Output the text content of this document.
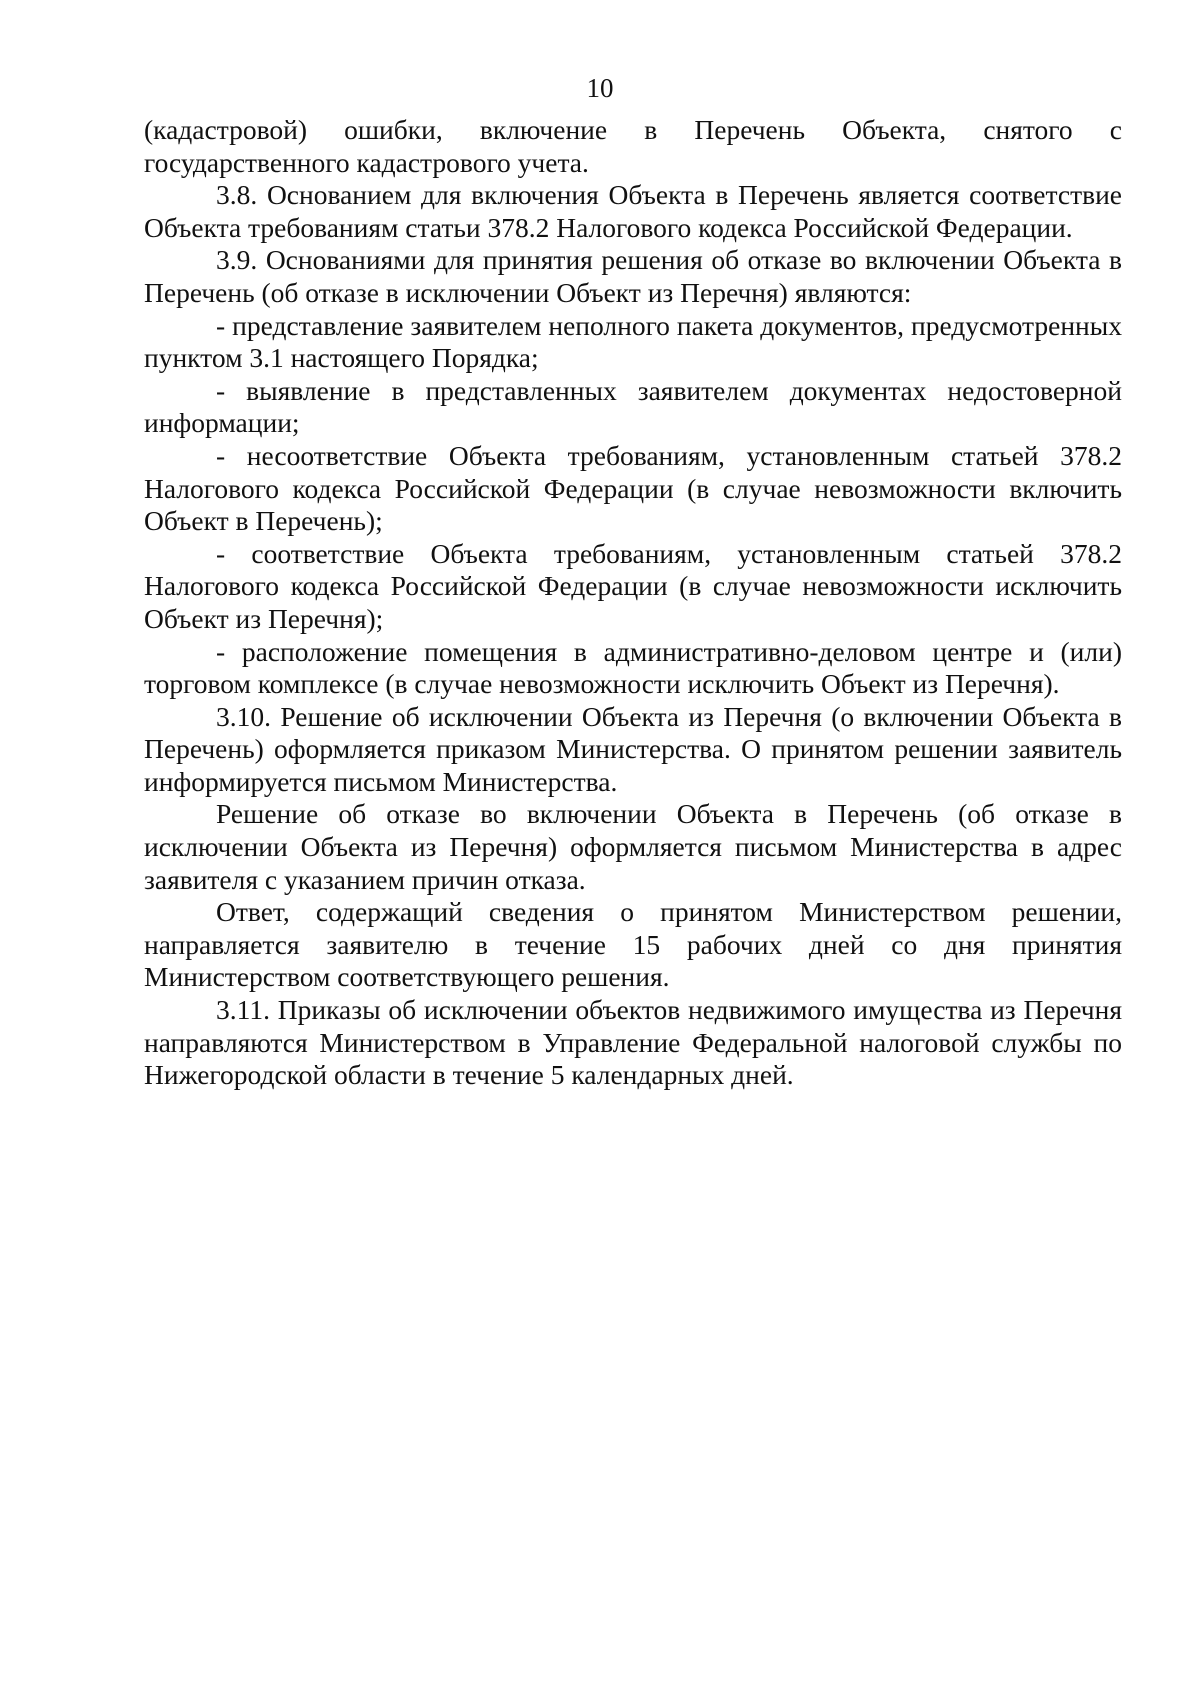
10

(кадастровой) ошибки, включение в Перечень Объекта, снятого с государственного кадастрового учета.

3.8. Основанием для включения Объекта в Перечень является соответствие Объекта требованиям статьи 378.2 Налогового кодекса Российской Федерации.

3.9. Основаниями для принятия решения об отказе во включении Объекта в Перечень (об отказе в исключении Объект из Перечня) являются:

- представление заявителем неполного пакета документов, предусмотренных пунктом 3.1 настоящего Порядка;

- выявление в представленных заявителем документах недостоверной информации;

- несоответствие Объекта требованиям, установленным статьей 378.2 Налогового кодекса Российской Федерации (в случае невозможности включить Объект в Перечень);

- соответствие Объекта требованиям, установленным статьей 378.2 Налогового кодекса Российской Федерации (в случае невозможности исключить Объект из Перечня);

- расположение помещения в административно-деловом центре и (или) торговом комплексе (в случае невозможности исключить Объект из Перечня).

3.10. Решение об исключении Объекта из Перечня (о включении Объекта в Перечень) оформляется приказом Министерства. О принятом решении заявитель информируется письмом Министерства.

Решение об отказе во включении Объекта в Перечень (об отказе в исключении Объекта из Перечня) оформляется письмом Министерства в адрес заявителя с указанием причин отказа.

Ответ, содержащий сведения о принятом Министерством решении, направляется заявителю в течение 15 рабочих дней со дня принятия Министерством соответствующего решения.

3.11. Приказы об исключении объектов недвижимого имущества из Перечня направляются Министерством в Управление Федеральной налоговой службы по Нижегородской области в течение 5 календарных дней.
